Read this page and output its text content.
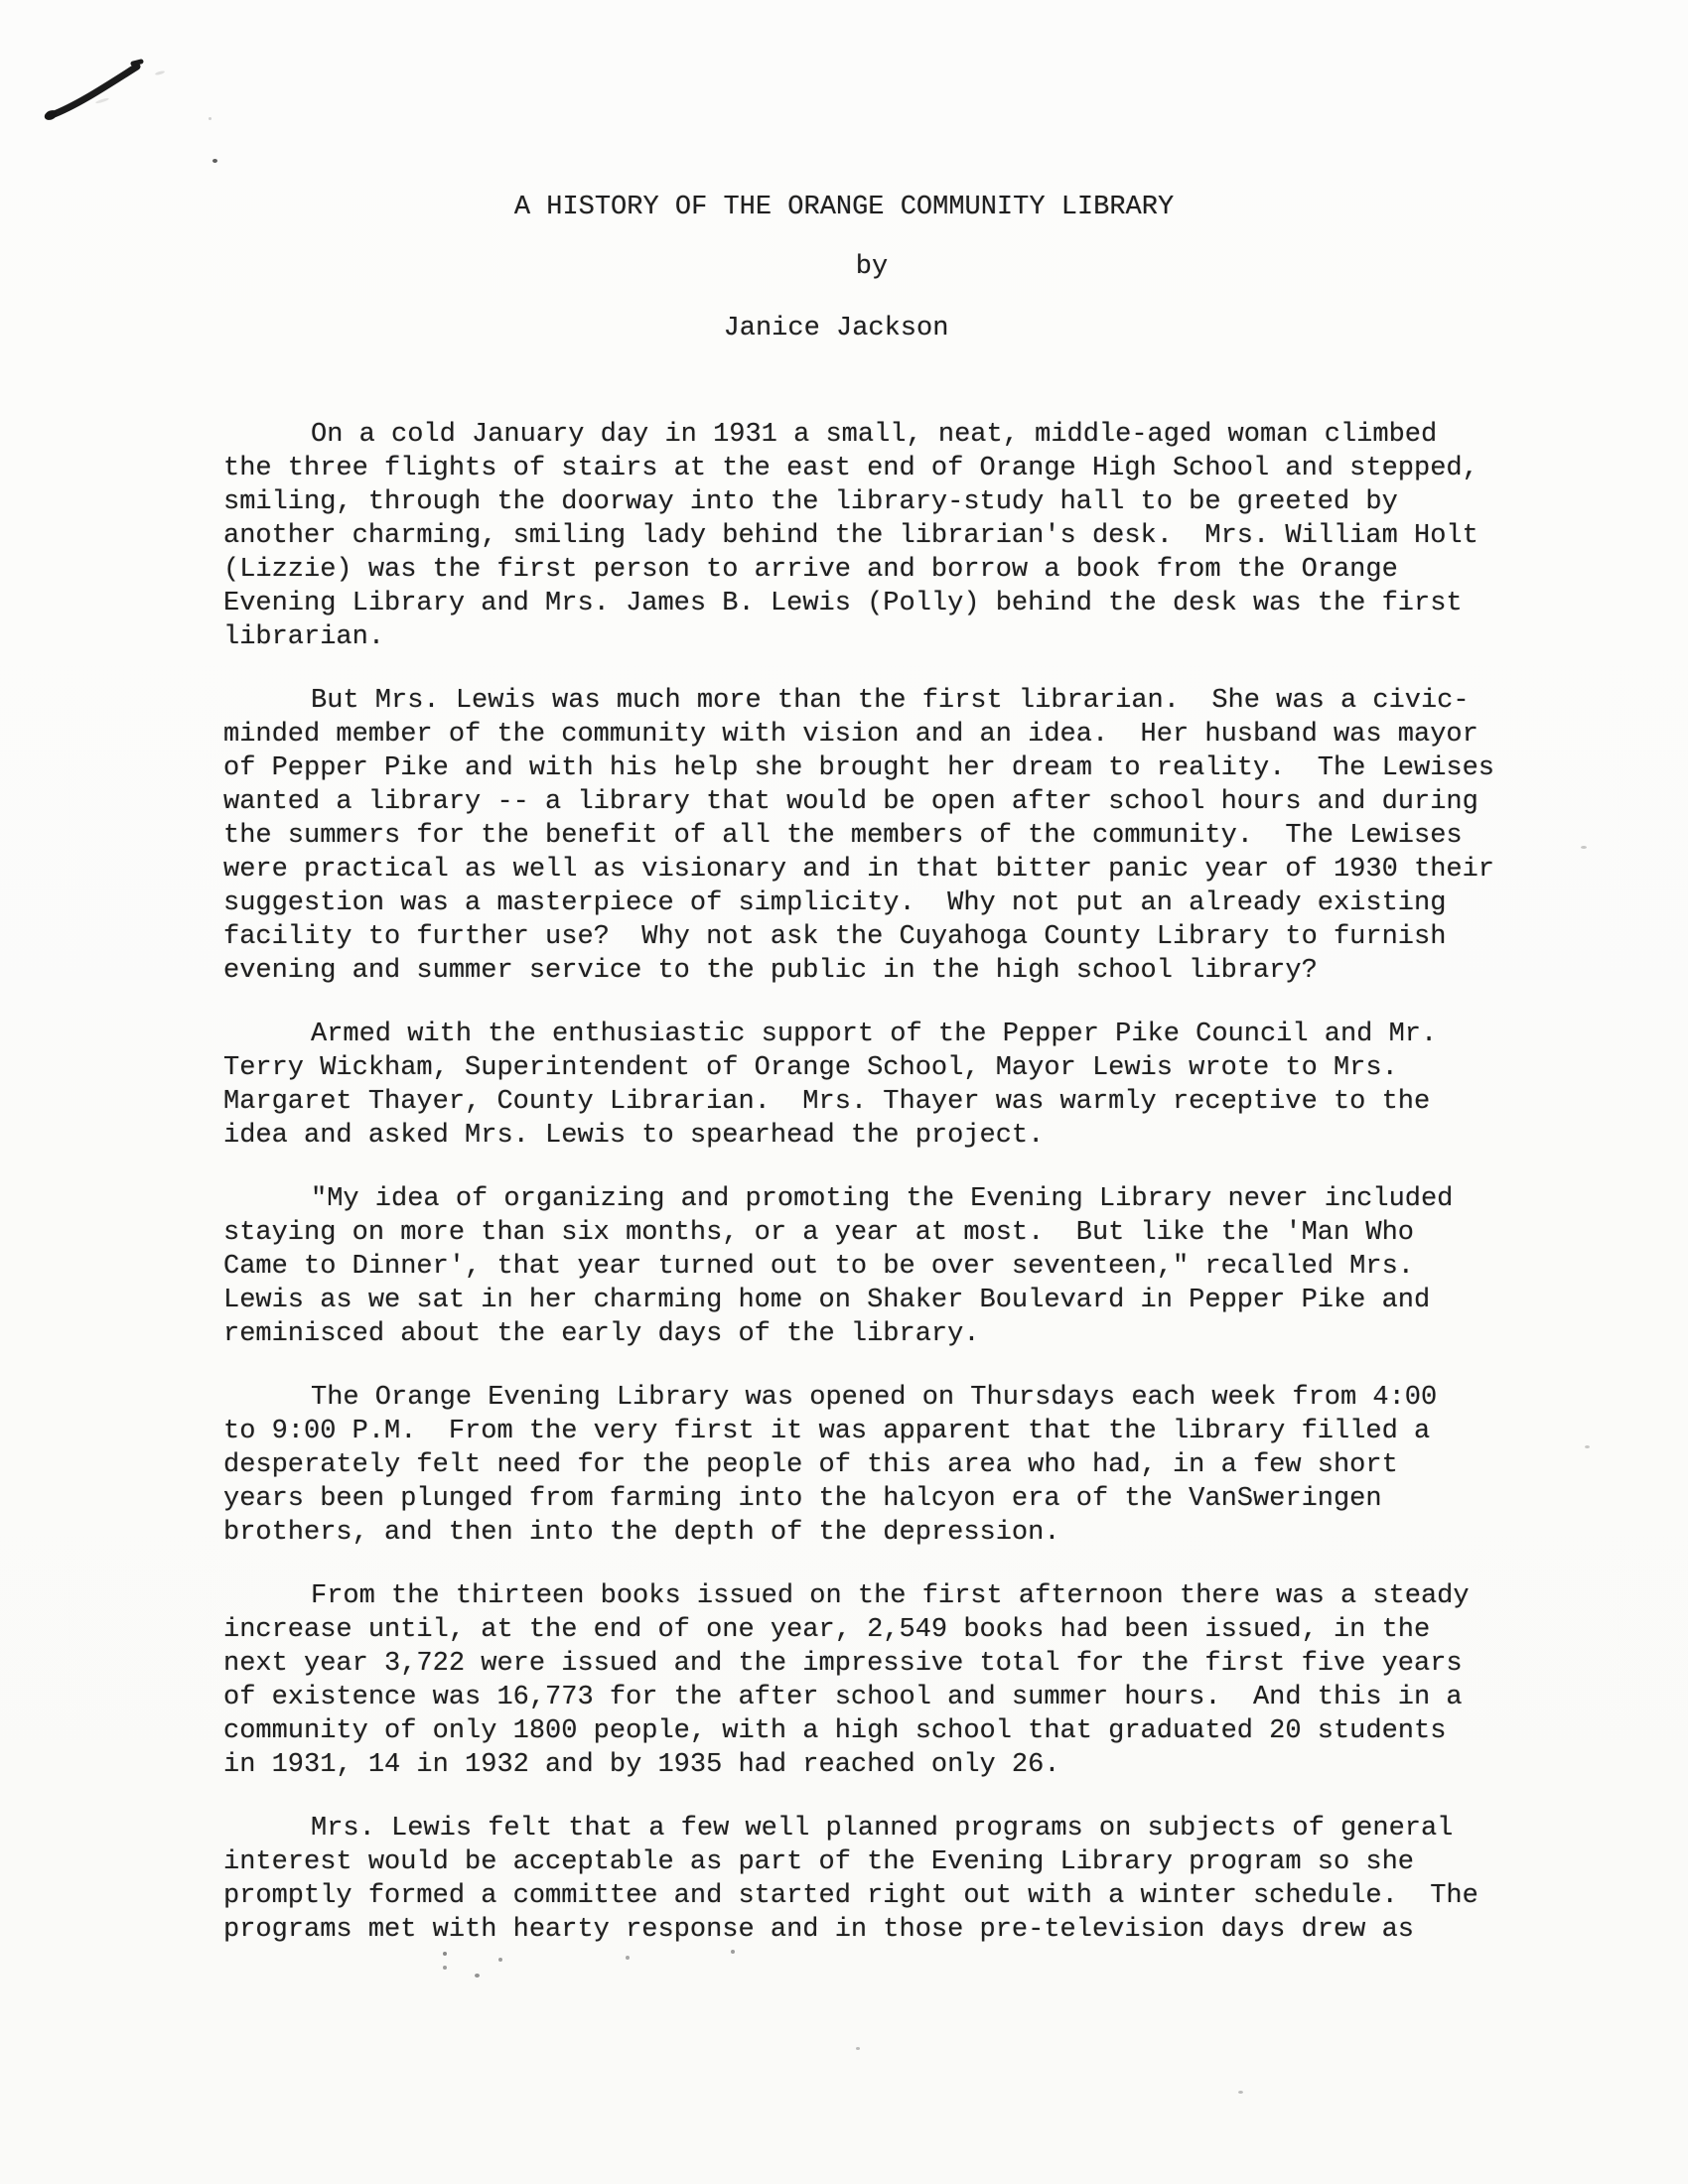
A HISTORY OF THE ORANGE COMMUNITY LIBRARY
by
Janice Jackson
On a cold January day in 1931 a small, neat, middle-aged woman climbed
the three flights of stairs at the east end of Orange High School and stepped,
smiling, through the doorway into the library-study hall to be greeted by
another charming, smiling lady behind the librarian's desk.  Mrs. William Holt
(Lizzie) was the first person to arrive and borrow a book from the Orange
Evening Library and Mrs. James B. Lewis (Polly) behind the desk was the first
librarian.
But Mrs. Lewis was much more than the first librarian.  She was a civic-
minded member of the community with vision and an idea.  Her husband was mayor
of Pepper Pike and with his help she brought her dream to reality.  The Lewises
wanted a library -- a library that would be open after school hours and during
the summers for the benefit of all the members of the community.  The Lewises
were practical as well as visionary and in that bitter panic year of 1930 their
suggestion was a masterpiece of simplicity.  Why not put an already existing
facility to further use?  Why not ask the Cuyahoga County Library to furnish
evening and summer service to the public in the high school library?
Armed with the enthusiastic support of the Pepper Pike Council and Mr.
Terry Wickham, Superintendent of Orange School, Mayor Lewis wrote to Mrs.
Margaret Thayer, County Librarian.  Mrs. Thayer was warmly receptive to the
idea and asked Mrs. Lewis to spearhead the project.
"My idea of organizing and promoting the Evening Library never included
staying on more than six months, or a year at most.  But like the 'Man Who
Came to Dinner', that year turned out to be over seventeen," recalled Mrs.
Lewis as we sat in her charming home on Shaker Boulevard in Pepper Pike and
reminisced about the early days of the library.
The Orange Evening Library was opened on Thursdays each week from 4:00
to 9:00 P.M.  From the very first it was apparent that the library filled a
desperately felt need for the people of this area who had, in a few short
years been plunged from farming into the halcyon era of the VanSweringen
brothers, and then into the depth of the depression.
From the thirteen books issued on the first afternoon there was a steady
increase until, at the end of one year, 2,549 books had been issued, in the
next year 3,722 were issued and the impressive total for the first five years
of existence was 16,773 for the after school and summer hours.  And this in a
community of only 1800 people, with a high school that graduated 20 students
in 1931, 14 in 1932 and by 1935 had reached only 26.
Mrs. Lewis felt that a few well planned programs on subjects of general
interest would be acceptable as part of the Evening Library program so she
promptly formed a committee and started right out with a winter schedule.  The
programs met with hearty response and in those pre-television days drew as
